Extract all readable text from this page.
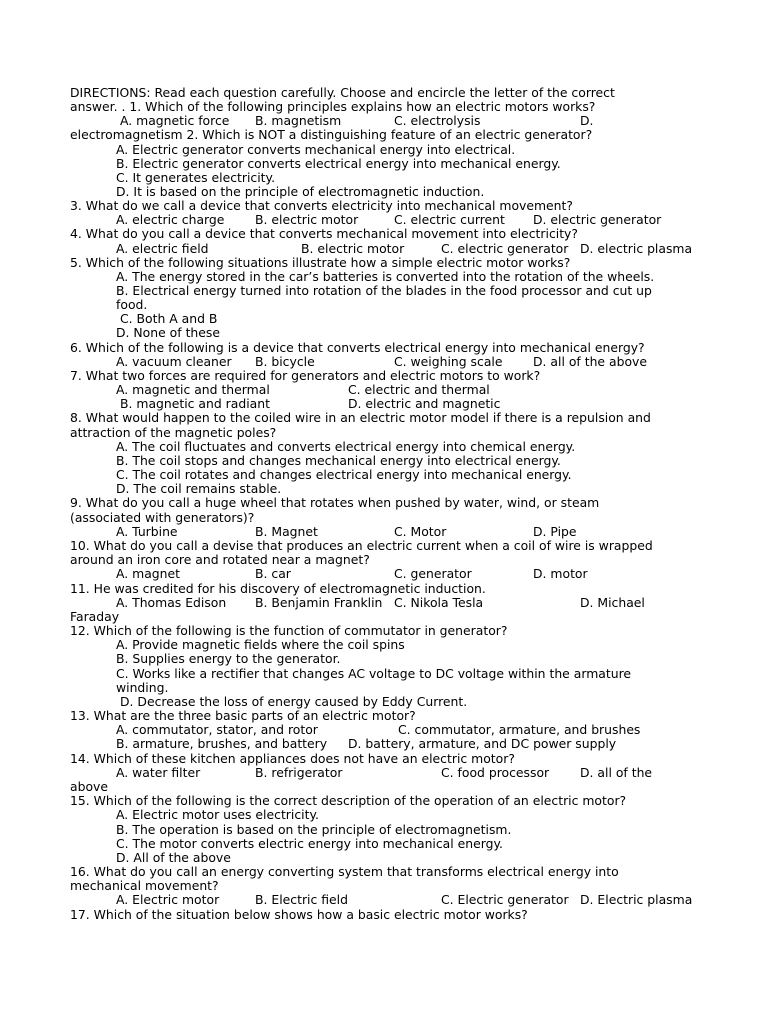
DIRECTIONS: Read each question carefully. Choose and encircle the letter of the correct
answer. . 1. Which of the following principles explains how an electric motors works?
A. magnetic force B. magnetism	C. electrolysis	D.
electromagnetism 2. Which is NOT a distinguishing feature of an electric generator?
A. Electric generator converts mechanical energy into electrical.
B. Electric generator converts electrical energy into mechanical energy.
C. It generates electricity.
D. It is based on the principle of electromagnetic induction.
3. What do we call a device that converts electricity into mechanical movement?
A. electric charge B. electric motor	C. electric current D. electric generator
4. What do you call a device that converts mechanical movement into electricity?
A. electric field	B. electric motor	C. electric generator D. electric plasma
5. Which of the following situations illustrate how a simple electric motor works?
A. The energy stored in the car’s batteries is converted into the rotation of the wheels.
B. Electrical energy turned into rotation of the blades in the food processor and cut up
food.
C. Both A and B
D. None of these
6. Which of the following is a device that converts electrical energy into mechanical energy?
A. vacuum cleaner B. bicycle	C. weighing scale D. all of the above
7. What two forces are required for generators and electric motors to work?
A. magnetic and thermal	C. electric and thermal
B. magnetic and radiant	D. electric and magnetic
8. What would happen to the coiled wire in an electric motor model if there is a repulsion and
attraction of the magnetic poles?
A. The coil fluctuates and converts electrical energy into chemical energy.
B. The coil stops and changes mechanical energy into electrical energy.
C. The coil rotates and changes electrical energy into mechanical energy.
D. The coil remains stable.
9. What do you call a huge wheel that rotates when pushed by water, wind, or steam
(associated with generators)?
A. Turbine	B. Magnet	C. Motor	D. Pipe
10. What do you call a devise that produces an electric current when a coil of wire is wrapped
around an iron core and rotated near a magnet?
A. magnet	B. car	C. generator	D. motor
11. He was credited for his discovery of electromagnetic induction.
A. Thomas Edison B. Benjamin Franklin C. Nikola Tesla	D. Michael
Faraday
12. Which of the following is the function of commutator in generator?
A. Provide magnetic fields where the coil spins
B. Supplies energy to the generator.
C. Works like a rectifier that changes AC voltage to DC voltage within the armature
winding.
D. Decrease the loss of energy caused by Eddy Current.
13. What are the three basic parts of an electric motor?
A. commutator, stator, and rotor	C. commutator, armature, and brushes
B. armature, brushes, and battery D. battery, armature, and DC power supply
14. Which of these kitchen appliances does not have an electric motor?
A. water filter	B. refrigerator	C. food processor D. all of the
above
15. Which of the following is the correct description of the operation of an electric motor?
A. Electric motor uses electricity.
B. The operation is based on the principle of electromagnetism.
C. The motor converts electric energy into mechanical energy.
D. All of the above
16. What do you call an energy converting system that transforms electrical energy into
mechanical movement?
A. Electric motor	B. Electric field	C. Electric generator D. Electric plasma
17. Which of the situation below shows how a basic electric motor works?
